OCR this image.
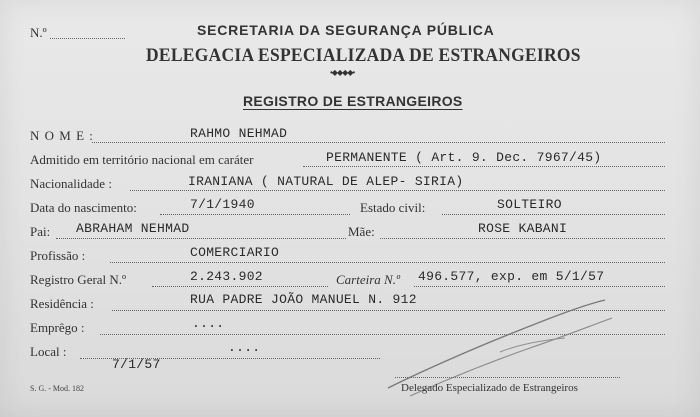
N.º	SECRETARIA DA SEGURANÇA PÚBLICA
DELEGACIA ESPECIALIZADA DE ESTRANGEIROS
•◆◆◆◆•
REGISTRO DE ESTRANGEIROS
N O M E :	RAHMO NEHMAD
Admitido em território nacional em caráter	PERMANENTE ( Art. 9. Dec. 7967/45)
Nacionalidade :	IRANIANA ( NATURAL DE ALEP- SIRIA)
Data do nascimento:	7/1/1940	Estado civil:	SOLTEIRO
Pai: ABRAHAM NEHMAD	Mãe:	ROSE KABANI
Profissão :	COMERCIARIO
Registro Geral N.º	2.243.902	Carteira N.º 496.577, exp. em 5/1/57
Residência :	RUA PADRE JOÃO MANUEL N. 912
Emprêgo :	....
Local :	....
7/1/57
Delegado Especializado de Estrangeiros
S. G. - Mod. 182
